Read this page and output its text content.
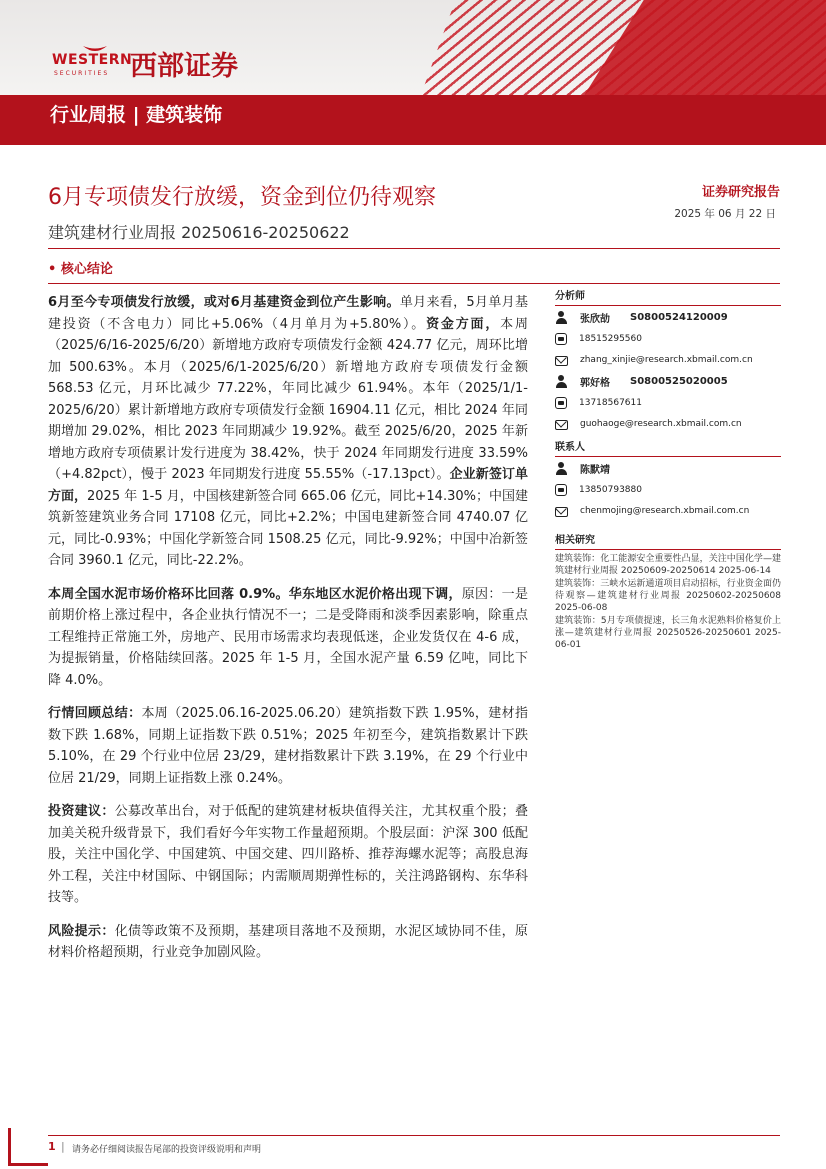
WESTERN
SECURITIES 西部证券
行业周报 | 建筑装饰
6月专项债发行放缓，资金到位仍待观察
建筑建材行业周报 20250616-20250622
证券研究报告
2025 年 06 月 22 日
• 核心结论

6月至今专项债发行放缓，或对6月基建资金到位产生影响。单月来看，5月单月基建投资（不含电力）同比+5.06%（4月单月为+5.80%）。资金方面，本周（2025/6/16-2025/6/20）新增地方政府专项债发行金额 424.77 亿元，周环比增加 500.63%。本月（2025/6/1-2025/6/20）新增地方政府专项债发行金额 568.53 亿元，月环比减少 77.22%，年同比减少 61.94%。本年（2025/1/1-2025/6/20）累计新增地方政府专项债发行金额 16904.11 亿元，相比 2024 年同期增加 29.02%，相比 2023 年同期减少 19.92%。截至 2025/6/20，2025 年新增地方政府专项债累计发行进度为 38.42%，快于 2024 年同期发行进度 33.59%（+4.82pct），慢于 2023 年同期发行进度 55.55%（-17.13pct）。企业新签订单方面，2025 年 1-5 月，中国核建新签合同 665.06 亿元，同比+14.30%；中国建筑新签建筑业务合同 17108 亿元，同比+2.2%；中国电建新签合同 4740.07 亿元，同比-0.93%；中国化学新签合同 1508.25 亿元，同比-9.92%；中国中冶新签合同 3960.1 亿元，同比-22.2%。

本周全国水泥市场价格环比回落 0.9%。华东地区水泥价格出现下调，原因：一是前期价格上涨过程中，各企业执行情况不一；二是受降雨和淡季因素影响，除重点工程维持正常施工外，房地产、民用市场需求均表现低迷，企业发货仅在 4-6 成，为提振销量，价格陆续回落。2025 年 1-5 月，全国水泥产量 6.59 亿吨，同比下降 4.0%。

行情回顾总结：本周（2025.06.16-2025.06.20）建筑指数下跌 1.95%，建材指数下跌 1.68%，同期上证指数下跌 0.51%；2025 年初至今，建筑指数累计下跌 5.10%，在 29 个行业中位居 23/29，建材指数累计下跌 3.19%，在 29 个行业中位居 21/29，同期上证指数上涨 0.24%。

投资建议：公募改革出台，对于低配的建筑建材板块值得关注，尤其权重个股；叠加美关税升级背景下，我们看好今年实物工作量超预期。个股层面：沪深 300 低配股，关注中国化学、中国建筑、中国交建、四川路桥、推荐海螺水泥等；高股息海外工程，关注中材国际、中钢国际；内需顺周期弹性标的，关注鸿路钢构、东华科技等。

风险提示：化债等政策不及预期，基建项目落地不及预期，水泥区域协同不佳，原材料价格超预期，行业竞争加剧风险。

分析师
张欣劼 S0800524120009
18515295560
zhang_xinjie@research.xbmail.com.cn
郭好格 S0800525020005
13718567611
guohaoge@research.xbmail.com.cn
联系人
陈默靖
13850793880
chenmojing@research.xbmail.com.cn
相关研究
建筑装饰：化工能源安全重要性凸显，关注中国化学—建筑建材行业周报 20250609-20250614 2025-06-14
建筑装饰：三峡水运新通道项目启动招标，行业资金面仍待观察—建筑建材行业周报 20250602-20250608 2025-06-08
建筑装饰：5月专项债提速，长三角水泥熟料价格复价上涨—建筑建材行业周报 20250526-20250601 2025-06-01
1 | 请务必仔细阅读报告尾部的投资评级说明和声明
